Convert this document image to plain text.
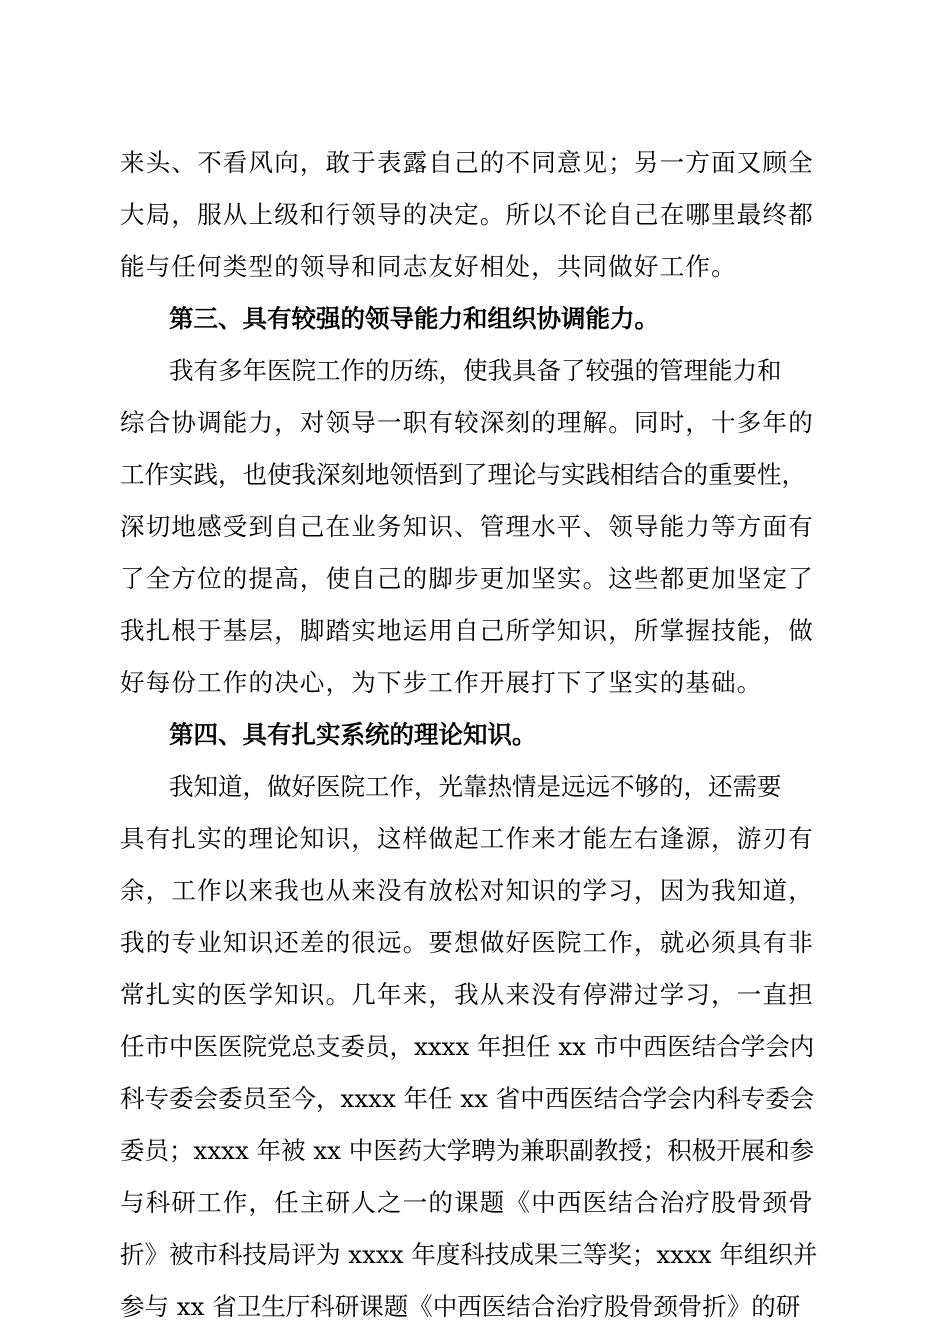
来头、不看风向，敢于表露自己的不同意见；另一方面又顾全
大局，服从上级和行领导的决定。所以不论自己在哪里最终都
能与任何类型的领导和同志友好相处，共同做好工作。
第三、具有较强的领导能力和组织协调能力。
我有多年医院工作的历练，使我具备了较强的管理能力和
综合协调能力，对领导一职有较深刻的理解。同时，十多年的
工作实践，也使我深刻地领悟到了理论与实践相结合的重要性，
深切地感受到自己在业务知识、管理水平、领导能力等方面有
了全方位的提高，使自己的脚步更加坚实。这些都更加坚定了
我扎根于基层，脚踏实地运用自己所学知识，所掌握技能，做
好每份工作的决心，为下步工作开展打下了坚实的基础。
第四、具有扎实系统的理论知识。
我知道，做好医院工作，光靠热情是远远不够的，还需要
具有扎实的理论知识，这样做起工作来才能左右逢源，游刃有
余，工作以来我也从来没有放松对知识的学习，因为我知道，
我的专业知识还差的很远。要想做好医院工作，就必须具有非
常扎实的医学知识。几年来，我从来没有停滞过学习，一直担
任市中医医院党总支委员，xxxx 年担任 xx 市中西医结合学会内
科专委会委员至今，xxxx 年任 xx 省中西医结合学会内科专委会
委员；xxxx 年被 xx 中医药大学聘为兼职副教授；积极开展和参
与科研工作，任主研人之一的课题《中西医结合治疗股骨颈骨
折》被市科技局评为 xxxx 年度科技成果三等奖；xxxx 年组织并
参与 xx 省卫生厅科研课题《中西医结合治疗股骨颈骨折》的研
